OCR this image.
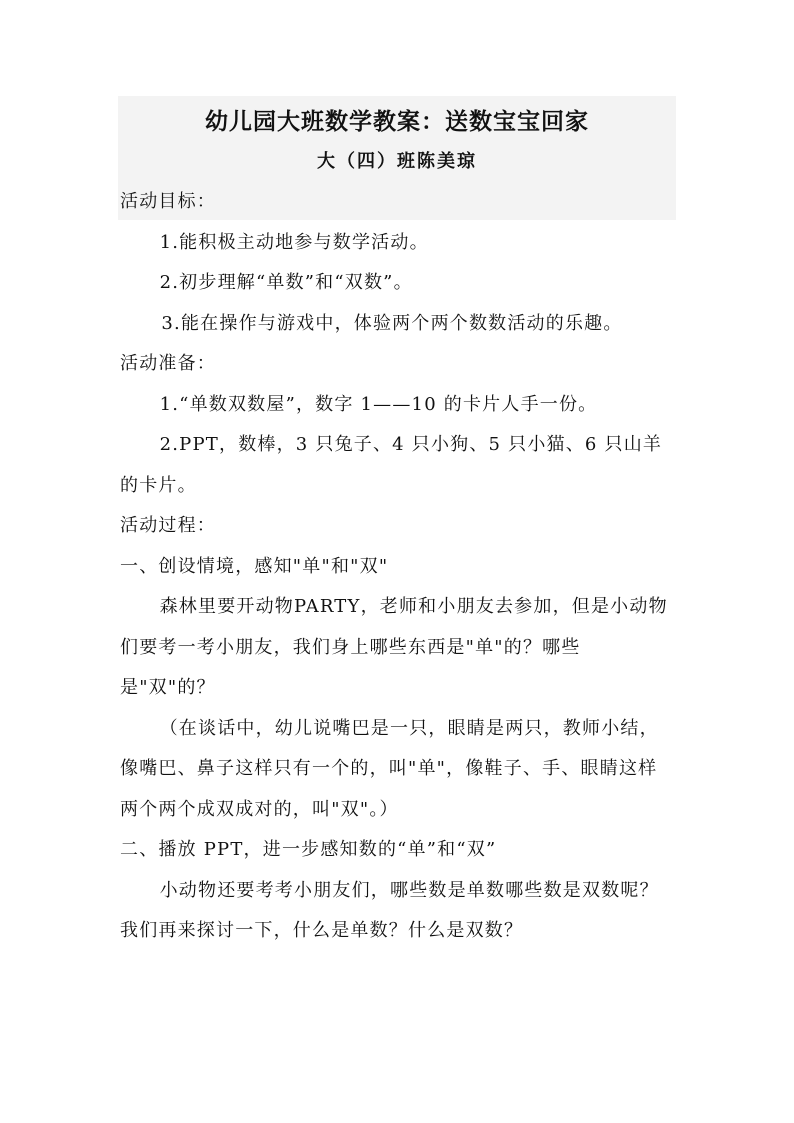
幼儿园大班数学教案：送数宝宝回家
大（四）班陈美琼

活动目标：

1.能积极主动地参与数学活动。

2.初步理解“单数”和“双数”。

3.能在操作与游戏中，体验两个两个数数活动的乐趣。

活动准备：

1.“单数双数屋”，数字 1——10 的卡片人手一份。

2.PPT，数棒，3 只兔子、4 只小狗、5 只小猫、6 只山羊的卡片。

活动过程：

一、创设情境，感知"单"和"双"

森林里要开动物PARTY，老师和小朋友去参加，但是小动物们要考一考小朋友，我们身上哪些东西是"单"的？哪些是"双"的？

（在谈话中，幼儿说嘴巴是一只，眼睛是两只，教师小结，像嘴巴、鼻子这样只有一个的，叫"单"，像鞋子、手、眼睛这样两个两个成双成对的，叫"双"。）

二、播放 PPT，进一步感知数的“单”和“双”

小动物还要考考小朋友们，哪些数是单数哪些数是双数呢？我们再来探讨一下，什么是单数？什么是双数？
